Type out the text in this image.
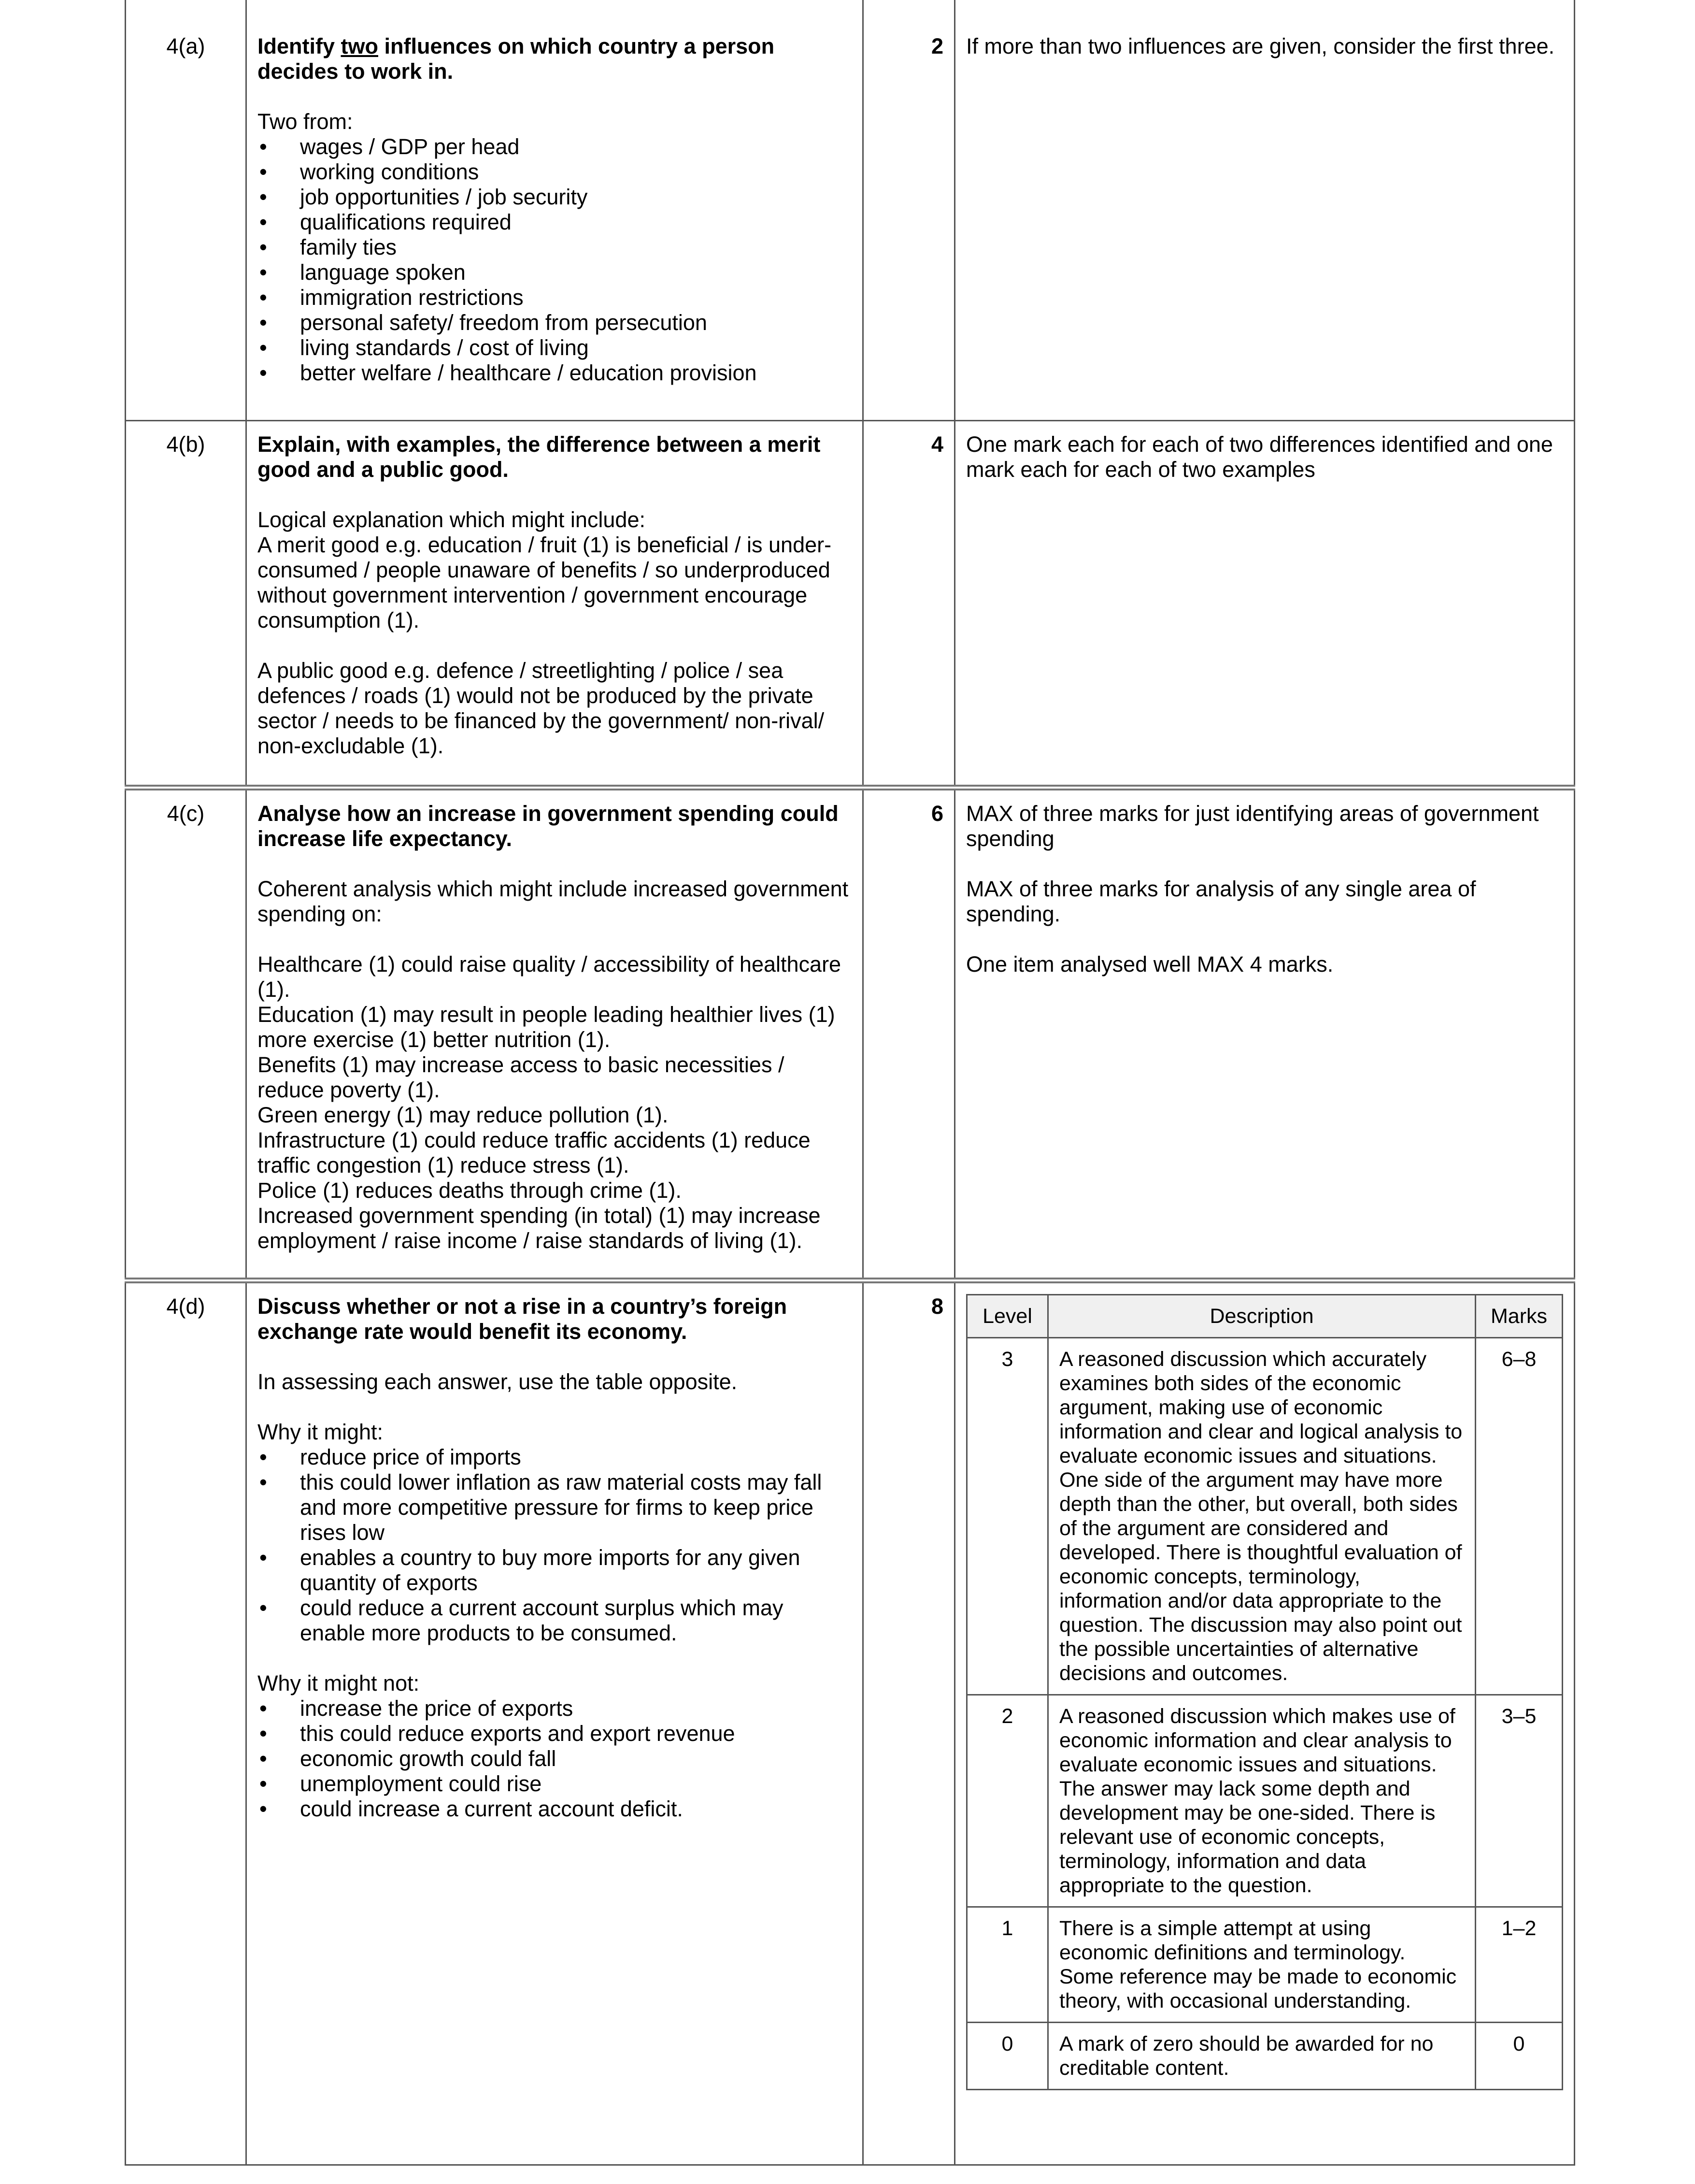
4(a)	Identify two influences on which country a person decides to work in.

Two from:

• wages / GDP per head
• working conditions
• job opportunities / job security
• qualifications required
• family ties
• language spoken
• immigration restrictions
• personal safety/ freedom from persecution
• living standards / cost of living
• better welfare / healthcare / education provision
	2	If more than two influences are given, consider the first three.
4(b)	Explain, with examples, the difference between a merit good and a public good.

Logical explanation which might include:
A merit good e.g. education / fruit (1) is beneficial / is under-consumed / people unaware of benefits / so underproduced without government intervention / government encourage consumption (1).

A public good e.g. defence / streetlighting / police / sea defences / roads (1) would not be produced by the private sector / needs to be financed by the government/ non-rival/ non-excludable (1).

	4	One mark each for each of two differences identified and one mark each for each of two examples
4(c)	Analyse how an increase in government spending could increase life expectancy.

Coherent analysis which might include increased government spending on:

Healthcare (1) could raise quality / accessibility of healthcare (1).
Education (1) may result in people leading healthier lives (1) more exercise (1) better nutrition (1).
Benefits (1) may increase access to basic necessities / reduce poverty (1).
Green energy (1) may reduce pollution (1).
Infrastructure (1) could reduce traffic accidents (1) reduce traffic congestion (1) reduce stress (1).
Police (1) reduces deaths through crime (1).
Increased government spending (in total) (1) may increase employment / raise income / raise standards of living (1).

	6	MAX of three marks for just identifying areas of government spending

MAX of three marks for analysis of any single area of spending.

One item analysed well MAX 4 marks.

4(d)	Discuss whether or not a rise in a country’s foreign exchange rate would benefit its economy.

In assessing each answer, use the table opposite.

Why it might:

• reduce price of imports
• this could lower inflation as raw material costs may fall and more competitive pressure for firms to keep price rises low
• enables a country to buy more imports for any given quantity of exports
• could reduce a current account surplus which may enable more products to be consumed.

Why it might not:

• increase the price of exports
• this could reduce exports and export revenue
• economic growth could fall
• unemployment could rise
• could increase a current account deficit.
	8	Level	Description	Marks
3	A reasoned discussion which accurately examines both sides of the economic argument, making use of economic information and clear and logical analysis to evaluate economic issues and situations. One side of the argument may have more depth than the other, but overall, both sides of the argument are considered and developed. There is thoughtful evaluation of economic concepts, terminology, information and/or data appropriate to the question. The discussion may also point out the possible uncertainties of alternative decisions and outcomes.	6–8
2	A reasoned discussion which makes use of economic information and clear analysis to evaluate economic issues and situations. The answer may lack some depth and development may be one-sided. There is relevant use of economic concepts, terminology, information and data appropriate to the question.	3–5
1	There is a simple attempt at using economic definitions and terminology. Some reference may be made to economic theory, with occasional understanding.	1–2
0	A mark of zero should be awarded for no creditable content.	0
